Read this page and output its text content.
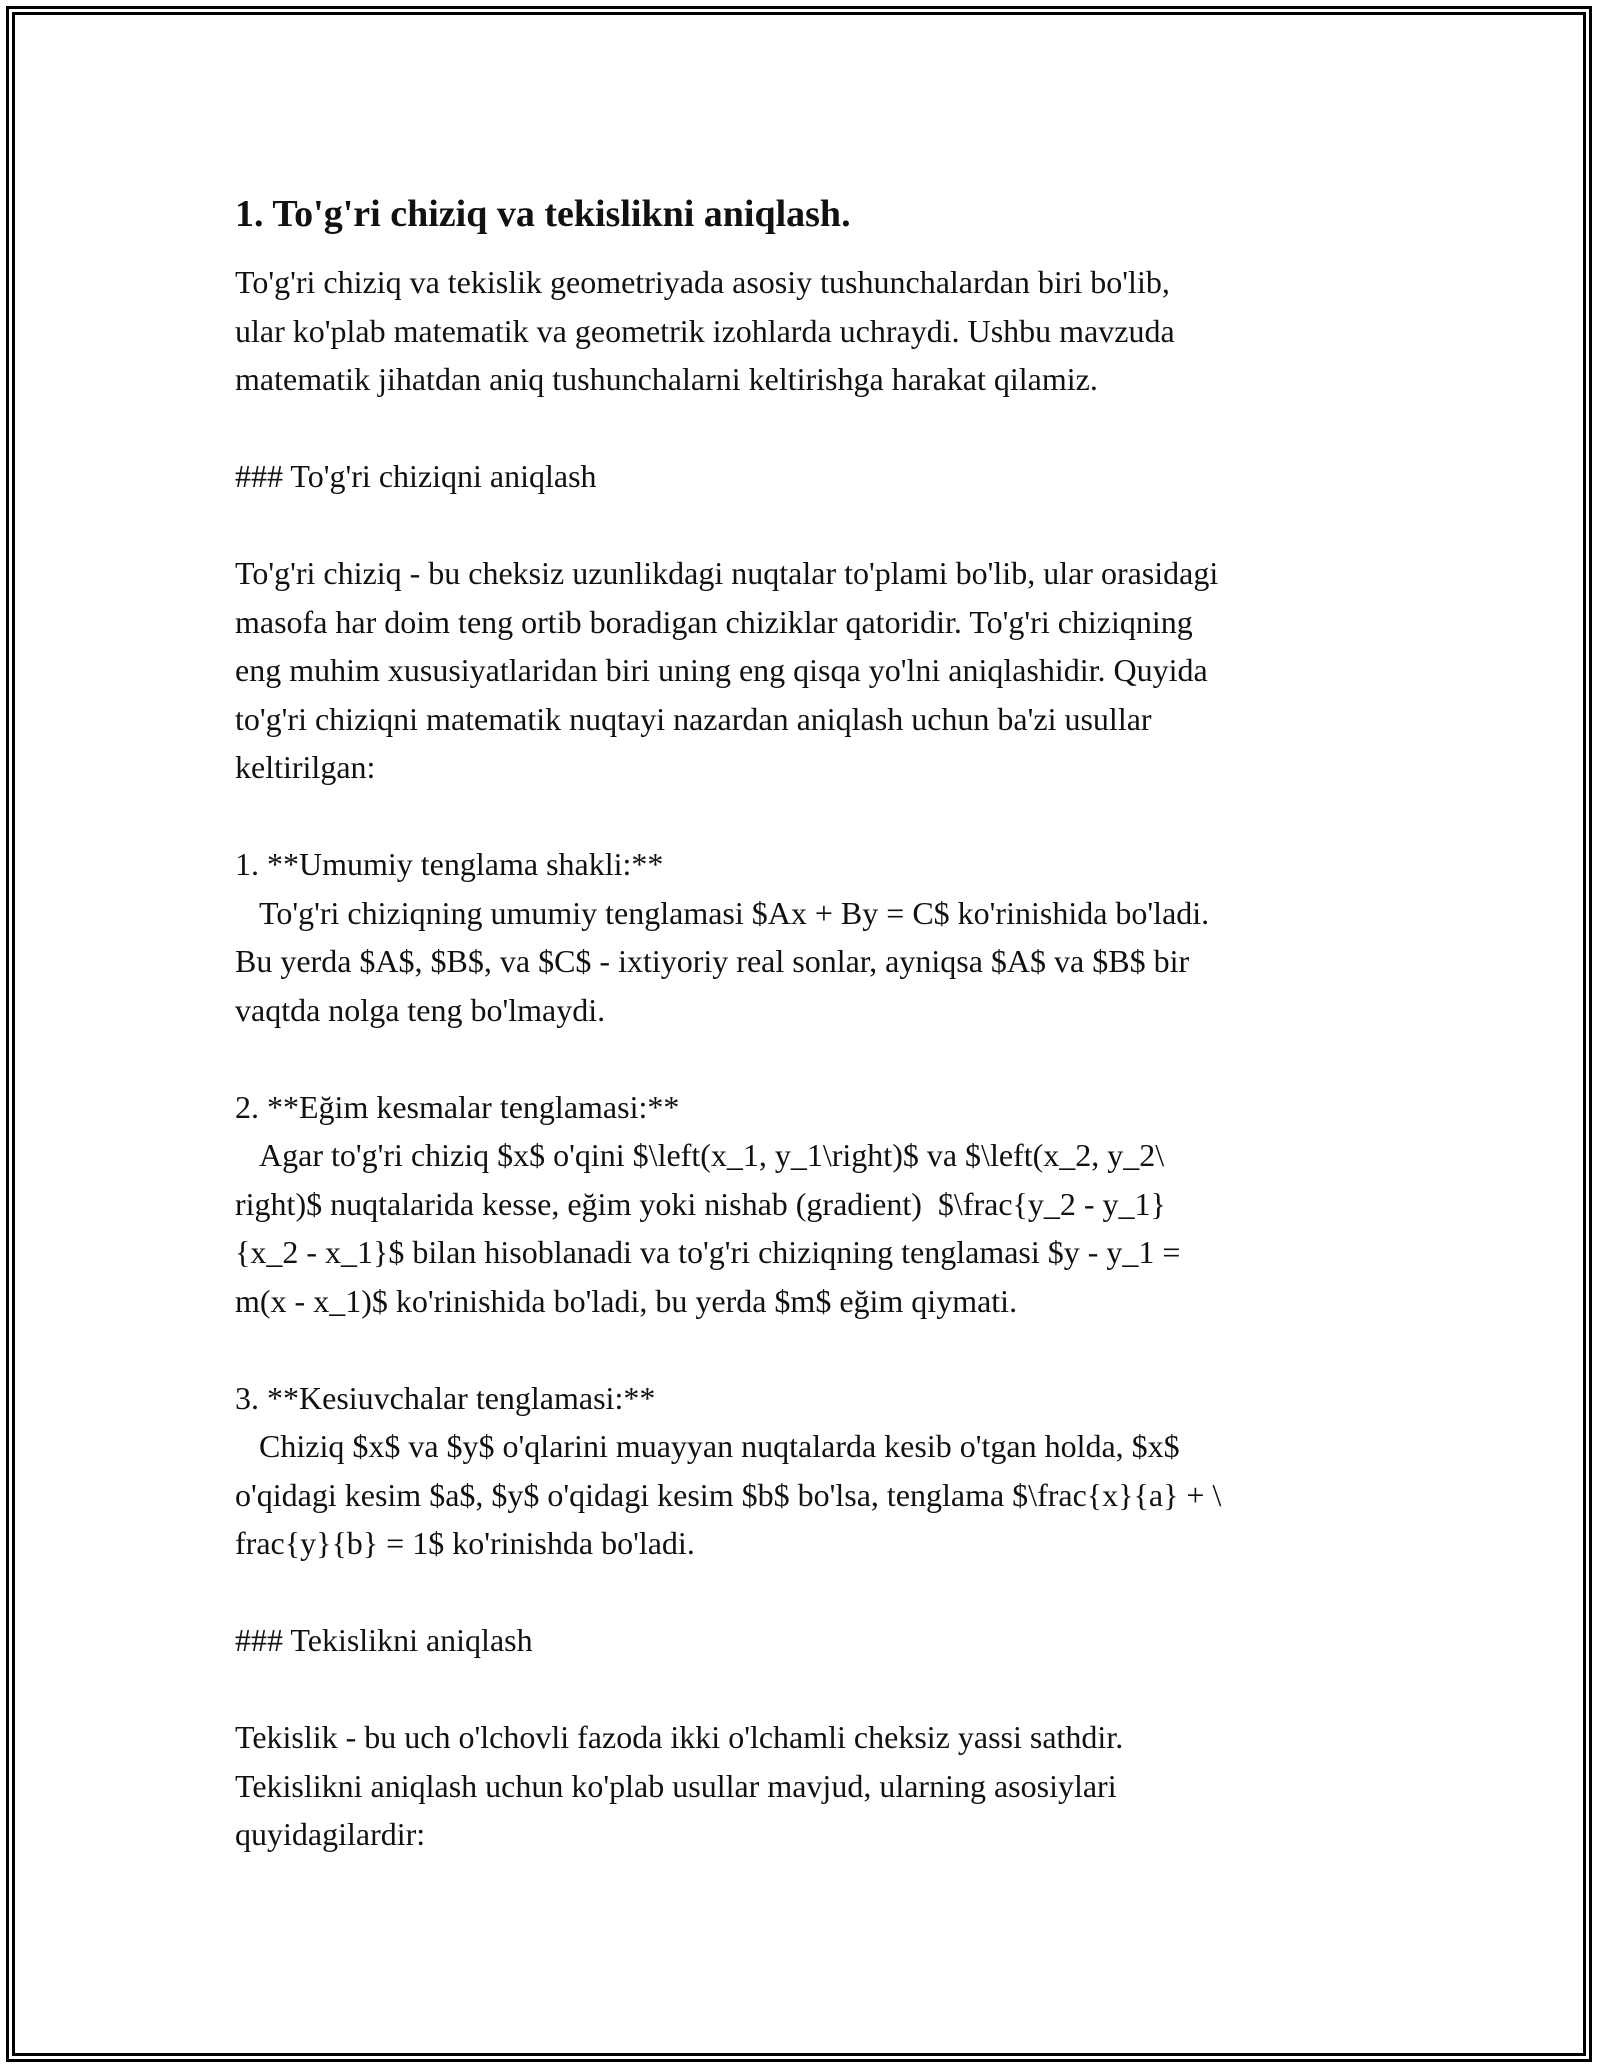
1. To'g'ri chiziq va tekislikni aniqlash.

To'g'ri chiziq va tekislik geometriyada asosiy tushunchalardan biri bo'lib,
ular ko'plab matematik va geometrik izohlarda uchraydi. Ushbu mavzuda
matematik jihatdan aniq tushunchalarni keltirishga harakat qilamiz.

### To'g'ri chiziqni aniqlash

To'g'ri chiziq - bu cheksiz uzunlikdagi nuqtalar to'plami bo'lib, ular orasidagi
masofa har doim teng ortib boradigan chiziklar qatoridir. To'g'ri chiziqning
eng muhim xususiyatlaridan biri uning eng qisqa yo'lni aniqlashidir. Quyida
to'g'ri chiziqni matematik nuqtayi nazardan aniqlash uchun ba'zi usullar
keltirilgan:

1. **Umumiy tenglama shakli:**
To'g'ri chiziqning umumiy tenglamasi $Ax + By = C$ ko'rinishida bo'ladi.
Bu yerda $A$, $B$, va $C$ - ixtiyoriy real sonlar, ayniqsa $A$ va $B$ bir
vaqtda nolga teng bo'lmaydi.

2. **Eğim kesmalar tenglamasi:**
Agar to'g'ri chiziq $x$ o'qini $\left(x_1, y_1\right)$ va $\left(x_2, y_2\
right)$ nuqtalarida kesse, eğim yoki nishab (gradient)  $\frac{y_2 - y_1}
{x_2 - x_1}$ bilan hisoblanadi va to'g'ri chiziqning tenglamasi $y - y_1 =
m(x - x_1)$ ko'rinishida bo'ladi, bu yerda $m$ eğim qiymati.

3. **Kesiuvchalar tenglamasi:**
Chiziq $x$ va $y$ o'qlarini muayyan nuqtalarda kesib o'tgan holda, $x$
o'qidagi kesim $a$, $y$ o'qidagi kesim $b$ bo'lsa, tenglama $\frac{x}{a} + \
frac{y}{b} = 1$ ko'rinishda bo'ladi.

### Tekislikni aniqlash

Tekislik - bu uch o'lchovli fazoda ikki o'lchamli cheksiz yassi sathdir.
Tekislikni aniqlash uchun ko'plab usullar mavjud, ularning asosiylari
quyidagilardir:
